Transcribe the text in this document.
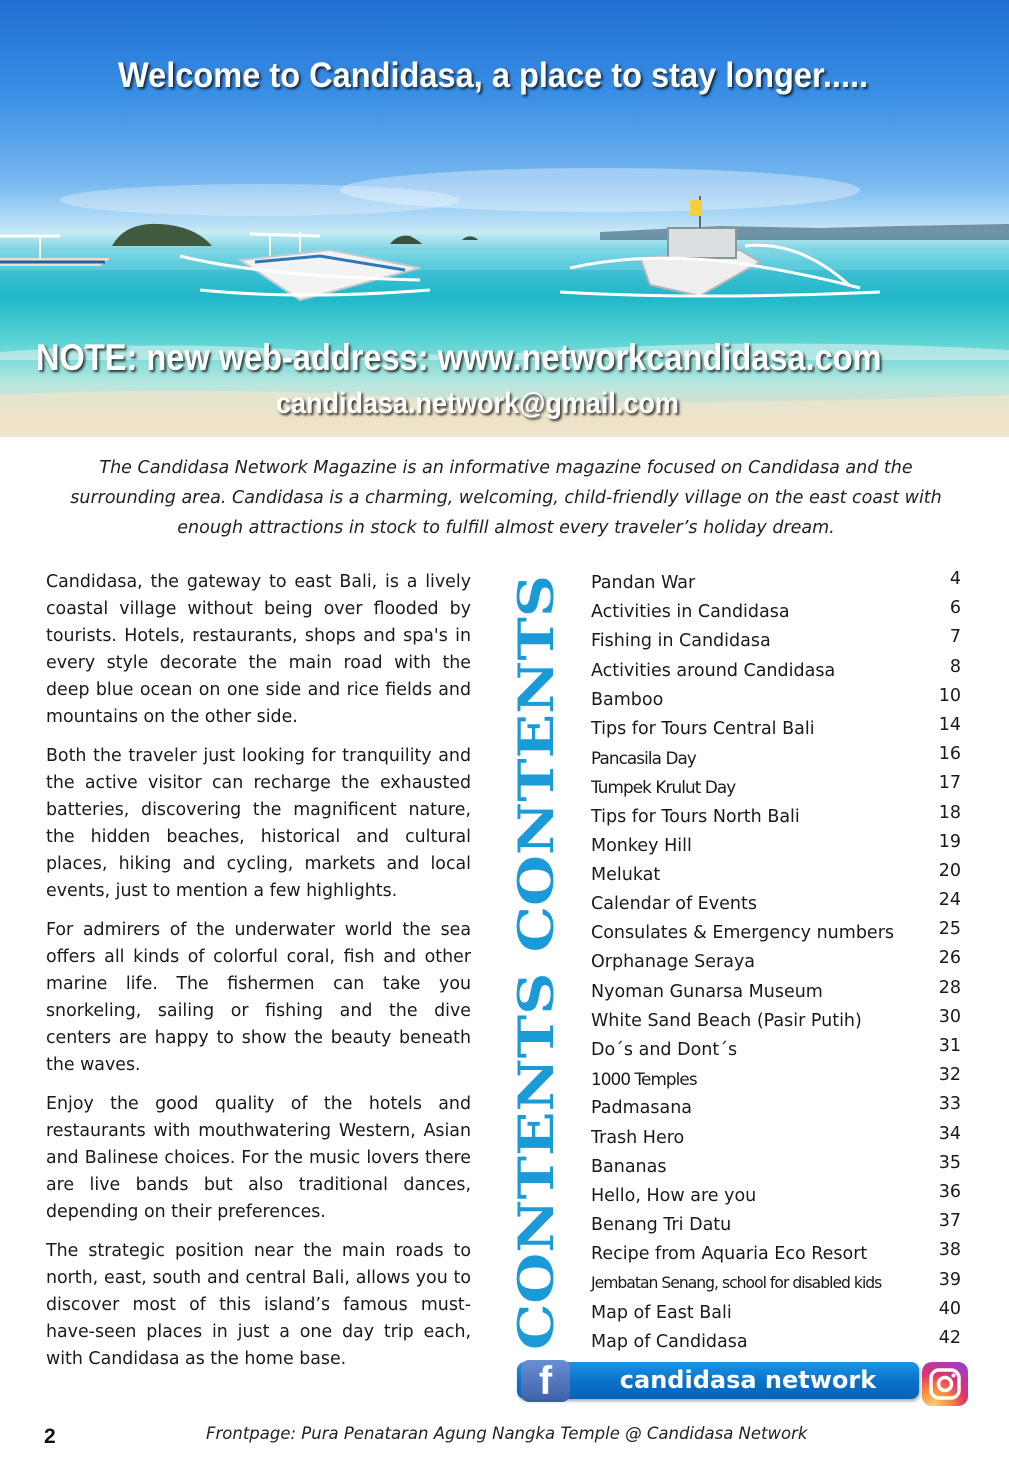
Welcome to Candidasa, a place to stay longer.....
NOTE: new web-address: www.networkcandidasa.com
candidasa.network@gmail.com
The Candidasa Network Magazine is an informative magazine focused on Candidasa and the surrounding area. Candidasa is a charming, welcoming, child-friendly village on the east coast with enough attractions in stock to fulfill almost every traveler’s holiday dream.

Candidasa, the gateway to east Bali, is a lively coastal village without being over flooded by tourists. Hotels, restaurants, shops and spa's in every style decorate the main road with the deep blue ocean on one side and rice fields and mountains on the other side.

Both the traveler just looking for tranquility and the active visitor can recharge the exhausted batteries, discovering the magnificent nature, the hidden beaches, historical and cultural places, hiking and cycling, markets and local events, just to mention a few highlights.

For admirers of the underwater world the sea offers all kinds of colorful coral, fish and other marine life. The fishermen can take you snorkeling, sailing or fishing and the dive centers are happy to show the beauty beneath the waves.

Enjoy the good quality of the hotels and restaurants with mouthwatering Western, Asian and Balinese choices. For the music lovers there are live bands but also traditional dances, depending on their preferences.

The strategic position near the main roads to north, east, south and central Bali, allows you to discover most of this island’s famous must-have-seen places in just a one day trip each, with Candidasa as the home base.

CONTENTS CONTENTS
Pandan War	4
Activities in Candidasa	6
Fishing in Candidasa	7
Activities around Candidasa	8
Bamboo	10
Tips for Tours Central Bali	14
Pancasila Day	16
Tumpek Krulut Day	17
Tips for Tours North Bali	18
Monkey Hill	19
Melukat	20
Calendar of Events	24
Consulates & Emergency numbers	25
Orphanage Seraya	26
Nyoman Gunarsa Museum	28
White Sand Beach (Pasir Putih)	30
Do´s and Dont´s	31
1000 Temples	32
Padmasana	33
Trash Hero	34
Bananas	35
Hello, How are you	36
Benang Tri Datu	37
Recipe from Aquaria Eco Resort	38
Jembatan Senang, school for disabled kids	39
Map of East Bali	40
Map of Candidasa	42
f	candidasa network
2	Frontpage: Pura Penataran Agung Nangka Temple @ Candidasa Network
